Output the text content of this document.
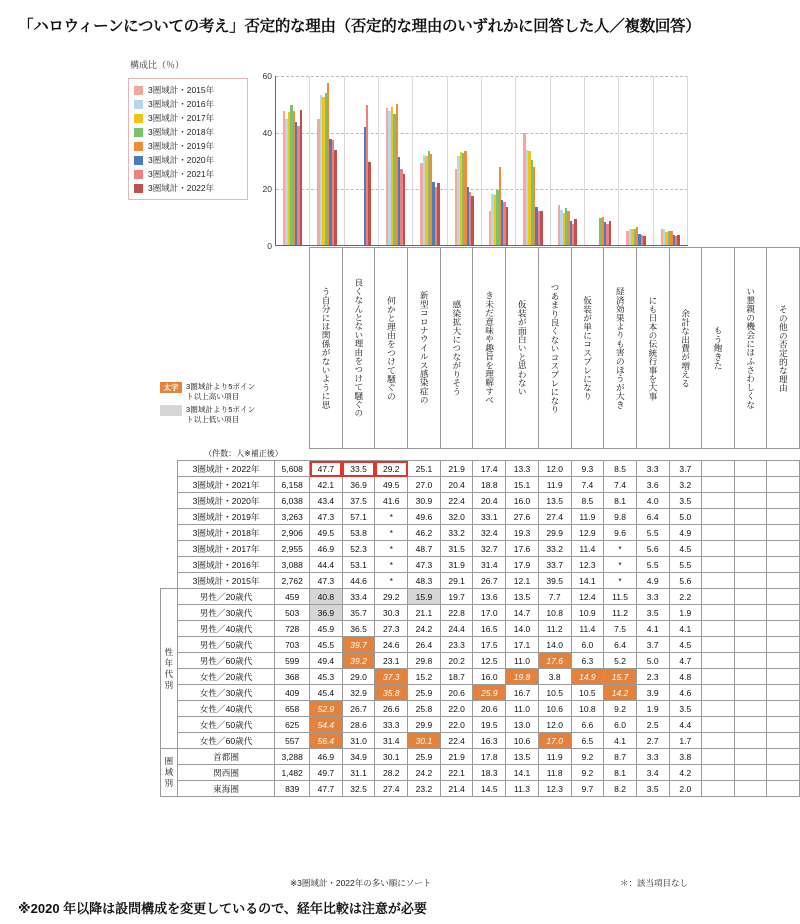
「ハロウィーンについての考え」否定的な理由（否定的な理由のいずれかに回答した人／複数回答）
構成比（％）
3圏域計・2015年
3圏域計・2016年
3圏域計・2017年
3圏域計・2018年
3圏域計・2019年
3圏域計・2020年
3圏域計・2021年
3圏域計・2022年
0
20
40
60
			う自分には関係がないように思	良くなんとない理由をつけて騒ぐの	何かと理由をつけて騒ぐの	新型コロナウイルス感染症の	感染拡大につながりそう	き未だ意味や趣旨を理解すべ	仮装が面白いと思わない	つあまり良くないコスプレになり	仮装が単にコスプレになり	経済効果よりも害のほうが大き	にも日本の伝統行事を大事	余計な出費が増える	もう飽きた	い懇親の機会にはふさわしくな	その他の否定的な理由
	（件数：人※補正後）																
	3圏域計・2022年	5,608	47.7	33.5	29.2	25.1	21.9	17.4	13.3	12.0	9.3	8.5	3.3	3.7			
	3圏域計・2021年	6,158	42.1	36.9	49.5	27.0	20.4	18.8	15.1	11.9	7.4	7.4	3.6	3.2			
	3圏域計・2020年	6,038	43.4	37.5	41.6	30.9	22.4	20.4	16.0	13.5	8.5	8.1	4.0	3.5			
	3圏域計・2019年	3,263	47.3	57.1	*	49.6	32.0	33.1	27.6	27.4	11.9	9.8	6.4	5.0			
	3圏域計・2018年	2,906	49.5	53.8	*	46.2	33.2	32.4	19.3	29.9	12.9	9.6	5.5	4.9			
	3圏域計・2017年	2,955	46.9	52.3	*	48.7	31.5	32.7	17.6	33.2	11.4	*	5.6	4.5			
	3圏域計・2016年	3,088	44.4	53.1	*	47.3	31.9	31.4	17.9	33.7	12.3	*	5.5	5.5			
	3圏域計・2015年	2,762	47.3	44.6	*	48.3	29.1	26.7	12.1	39.5	14.1	*	4.9	5.6			
性年代別	男性／20歳代	459	40.8	33.4	29.2	15.9	19.7	13.6	13.5	7.7	12.4	11.5	3.3	2.2			
	男性／30歳代	503	36.9	35.7	30.3	21.1	22.8	17.0	14.7	10.8	10.9	11.2	3.5	1.9			
	男性／40歳代	728	45.9	36.5	27.3	24.2	24.4	16.5	14.0	11.2	11.4	7.5	4.1	4.1			
	男性／50歳代	703	45.5	39.7	24.6	26.4	23.3	17.5	17.1	14.0	6.0	6.4	3.7	4.5			
	男性／60歳代	599	49.4	39.2	23.1	29.8	20.2	12.5	11.0	17.6	6.3	5.2	5.0	4.7			
	女性／20歳代	368	45.3	29.0	37.3	15.2	18.7	16.0	19.8	3.8	14.9	15.7	2.3	4.8			
	女性／30歳代	409	45.4	32.9	35.8	25.9	20.6	25.9	16.7	10.5	10.5	14.2	3.9	4.6			
	女性／40歳代	658	52.9	26.7	26.6	25.8	22.0	20.6	11.0	10.6	10.8	9.2	1.9	3.5			
	女性／50歳代	625	54.4	28.6	33.3	29.9	22.0	19.5	13.0	12.0	6.6	6.0	2.5	4.4			
	女性／60歳代	557	56.4	31.0	31.4	30.1	22.4	16.3	10.6	17.0	6.5	4.1	2.7	1.7			
圏域別	首都圏	3,288	46.9	34.9	30.1	25.9	21.9	17.8	13.5	11.9	9.2	8.7	3.3	3.8			
	関西圏	1,482	49.7	31.1	28.2	24.2	22.1	18.3	14.1	11.8	9.2	8.1	3.4	4.2			
	東海圏	839	47.7	32.5	27.4	23.2	21.4	14.5	11.3	12.3	9.7	8.2	3.5	2.0			
太字 3圏域計より5ポイント以上高い項目
3圏域計より5ポイント以上低い項目
※3圏域計・2022年の多い順にソート	＊：該当項目なし
※2020 年以降は設問構成を変更しているので、経年比較は注意が必要
